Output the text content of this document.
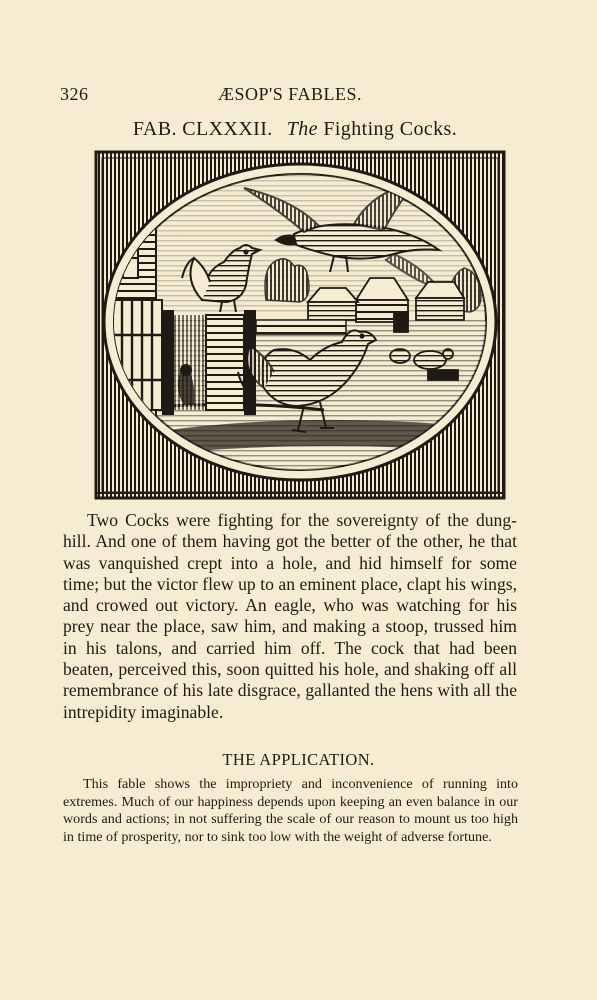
326	ÆSOP'S FABLES.
FAB. CLXXXII. The Fighting Cocks.

Two Cocks were fighting for the sovereignty of the dung-hill. And one of them having got the better of the other, he that was vanquished crept into a hole, and hid himself for some time; but the victor flew up to an eminent place, clapt his wings, and crowed out victory. An eagle, who was watching for his prey near the place, saw him, and making a stoop, trussed him in his talons, and carried him off. The cock that had been beaten, perceived this, soon quitted his hole, and shaking off all remembrance of his late disgrace, gallanted the hens with all the intrepidity imaginable.

THE APPLICATION.

This fable shows the impropriety and inconvenience of running into extremes. Much of our happiness depends upon keeping an even balance in our words and actions; in not suffering the scale of our reason to mount us too high in time of prosperity, nor to sink too low with the weight of adverse fortune.
